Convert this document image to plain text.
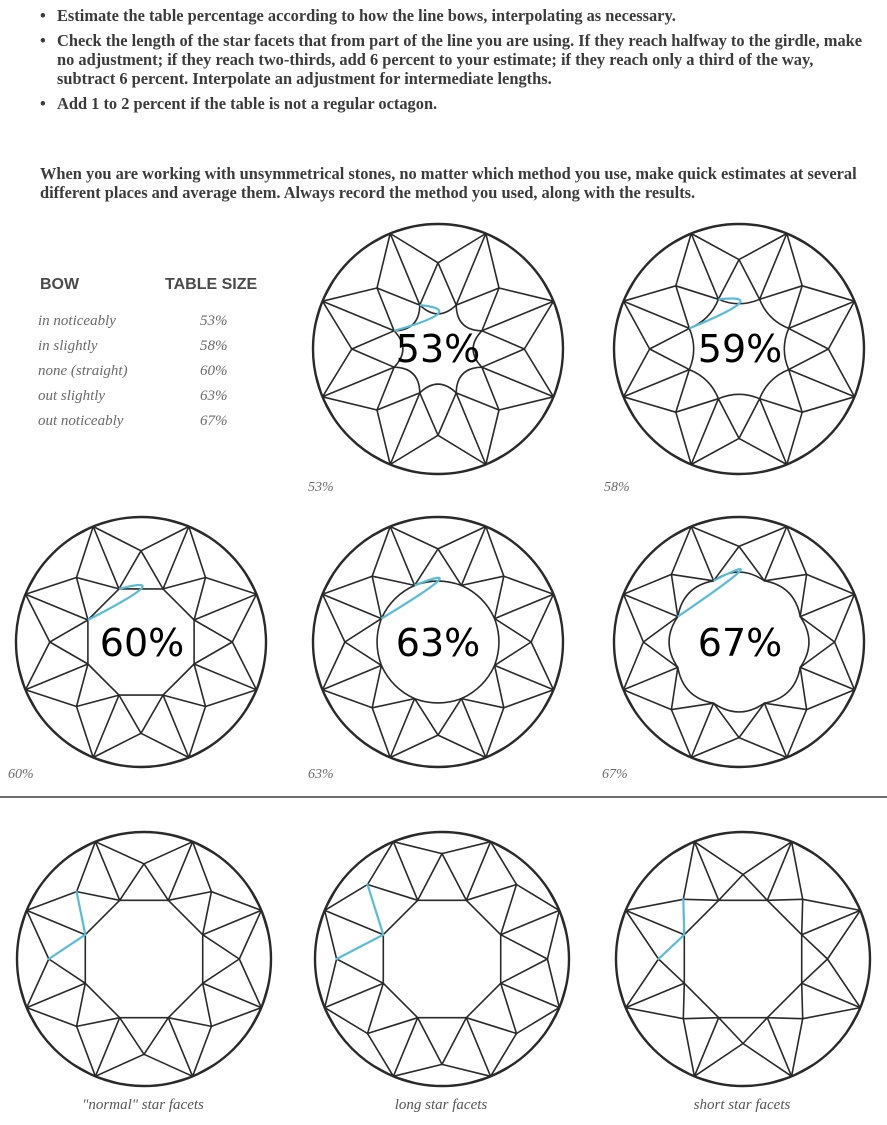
• Estimate the table percentage according to how the line bows, interpolating as necessary.
• Check the length of the star facets that from part of the line you are using. If they reach halfway to the girdle, make no adjustment; if they reach two-thirds, add 6 percent to your estimate; if they reach only a third of the way, subtract 6 percent. Interpolate an adjustment for intermediate lengths.
• Add 1 to 2 percent if the table is not a regular octagon.

When you are working with unsymmetrical stones, no matter which method you use, make quick estimates at several different places and average them. Always record the method you used, along with the results.

BOW	TABLE SIZE
in noticeably	53%
in slightly	58%
none (straight)	60%
out slightly	63%
out noticeably	67%
53%	59%
60%	63%	67%
53%	58%
60%	63%	67%
"normal" star facets	long star facets	short star facets
